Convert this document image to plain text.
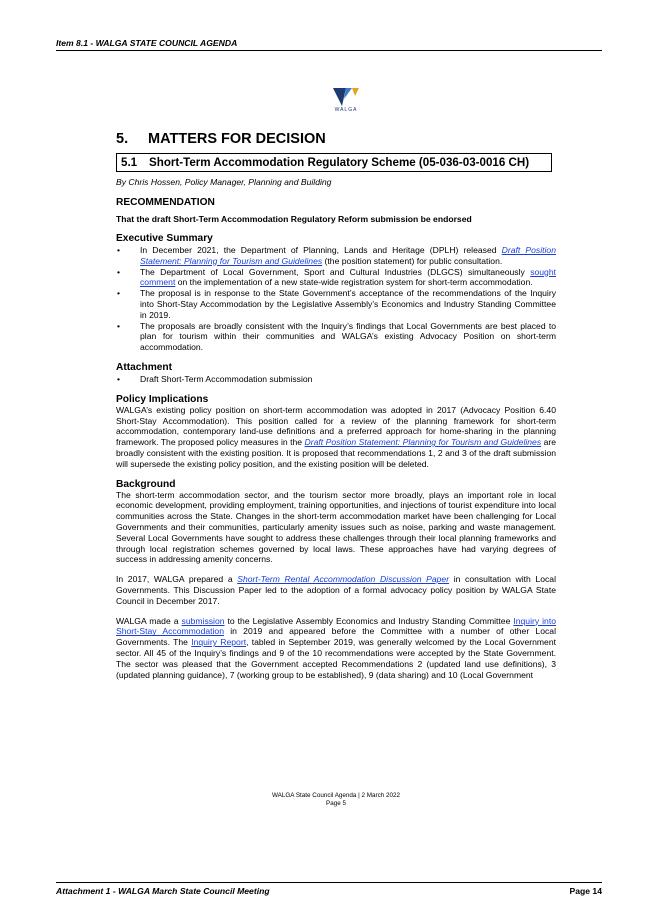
Item 8.1 - WALGA STATE COUNCIL AGENDA
WALGA
5.	MATTERS FOR DECISION
5.1	Short-Term Accommodation Regulatory Scheme (05-036-03-0016 CH)
By Chris Hossen, Policy Manager, Planning and Building
RECOMMENDATION
That the draft Short-Term Accommodation Regulatory Reform submission be endorsed
Executive Summary
• In December 2021, the Department of Planning, Lands and Heritage (DPLH) released Draft Position Statement: Planning for Tourism and Guidelines (the position statement) for public consultation.
• The Department of Local Government, Sport and Cultural Industries (DLGCS) simultaneously sought comment on the implementation of a new state-wide registration system for short-term accommodation.
• The proposal is in response to the State Government’s acceptance of the recommendations of the Inquiry into Short-Stay Accommodation by the Legislative Assembly’s Economics and Industry Standing Committee in 2019.
• The proposals are broadly consistent with the Inquiry’s findings that Local Governments are best placed to plan for tourism within their communities and WALGA’s existing Advocacy Position on short-term accommodation.
Attachment
• Draft Short-Term Accommodation submission
Policy Implications

WALGA’s existing policy position on short-term accommodation was adopted in 2017 (Advocacy Position 6.40 Short-Stay Accommodation). This position called for a review of the planning framework for short-term accommodation, contemporary land-use definitions and a preferred approach for home-sharing in the planning framework. The proposed policy measures in the Draft Position Statement: Planning for Tourism and Guidelines are broadly consistent with the existing position. It is proposed that recommendations 1, 2 and 3 of the draft submission will supersede the existing policy position, and the existing position will be deleted.

Background

The short-term accommodation sector, and the tourism sector more broadly, plays an important role in local economic development, providing employment, training opportunities, and injections of tourist expenditure into local communities across the State. Changes in the short-term accommodation market have been challenging for Local Governments and their communities, particularly amenity issues such as noise, parking and waste management. Several Local Governments have sought to address these challenges through their local planning frameworks and through local registration schemes governed by local laws. These approaches have had varying degrees of success in addressing amenity concerns.

In 2017, WALGA prepared a Short-Term Rental Accommodation Discussion Paper in consultation with Local Governments. This Discussion Paper led to the adoption of a formal advocacy policy position by WALGA State Council in December 2017.

WALGA made a submission to the Legislative Assembly Economics and Industry Standing Committee Inquiry into Short-Stay Accommodation in 2019 and appeared before the Committee with a number of other Local Governments. The Inquiry Report, tabled in September 2019, was generally welcomed by the Local Government sector. All 45 of the Inquiry’s findings and 9 of the 10 recommendations were accepted by the State Government. The sector was pleased that the Government accepted Recommendations 2 (updated land use definitions), 3 (updated planning guidance), 7 (working group to be established), 9 (data sharing) and 10 (Local Government

WALGA State Council Agenda | 2 March 2022
Page 5
Attachment 1 - WALGA March State Council Meeting	Page 14
